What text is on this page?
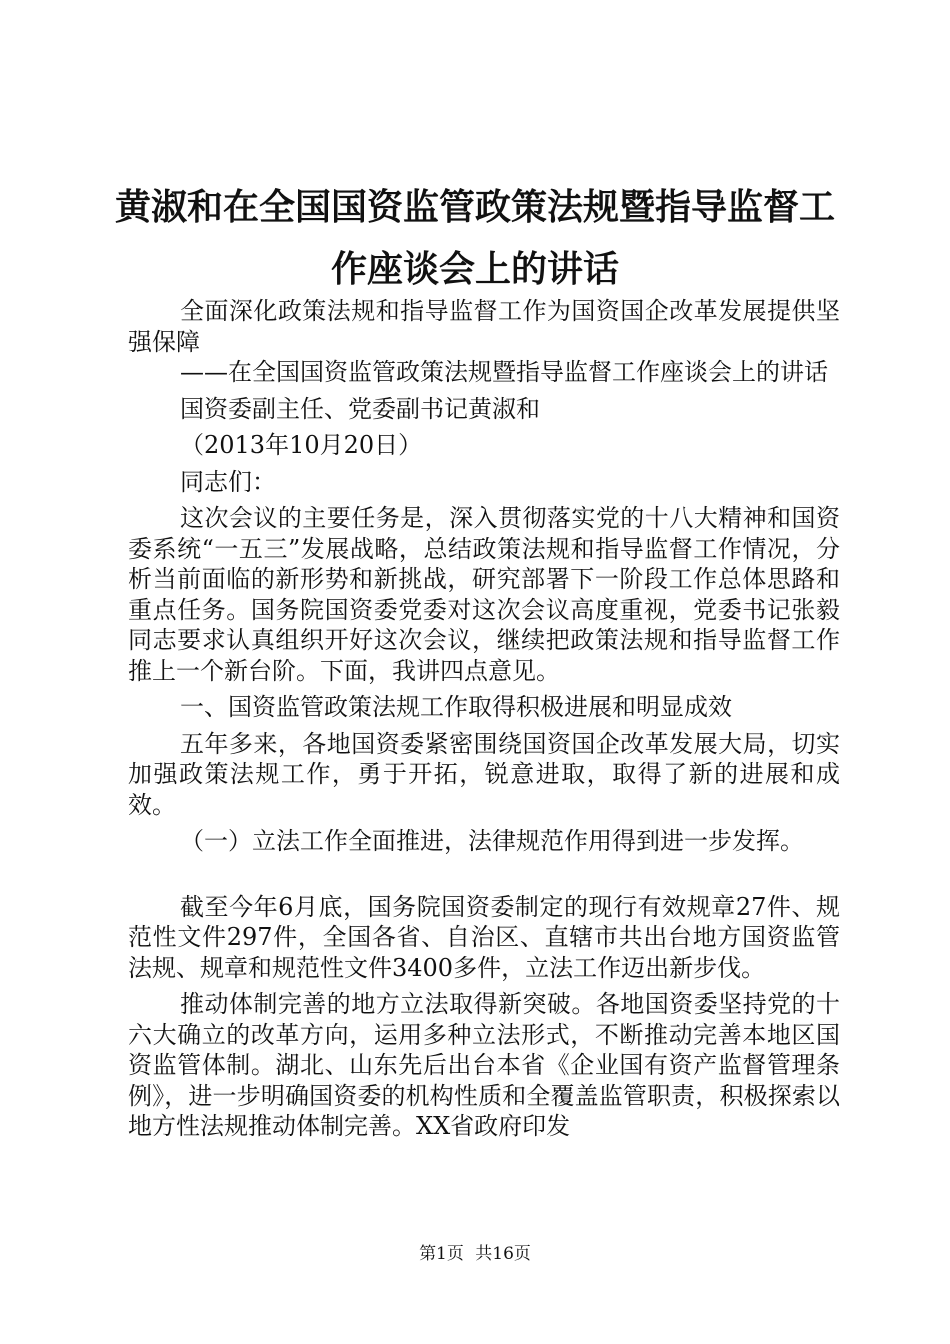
黄淑和在全国国资监管政策法规暨指导监督工
作座谈会上的讲话

全面深化政策法规和指导监督工作为国资国企改革发展提供坚强保障

——在全国国资监管政策法规暨指导监督工作座谈会上的讲话

国资委副主任、党委副书记黄淑和

（2013年10月20日）

同志们：

这次会议的主要任务是，深入贯彻落实党的十八大精神和国资委系统“一五三”发展战略，总结政策法规和指导监督工作情况，分析当前面临的新形势和新挑战，研究部署下一阶段工作总体思路和重点任务。国务院国资委党委对这次会议高度重视，党委书记张毅同志要求认真组织开好这次会议，继续把政策法规和指导监督工作推上一个新台阶。下面，我讲四点意见。

一、国资监管政策法规工作取得积极进展和明显成效

五年多来，各地国资委紧密围绕国资国企改革发展大局，切实加强政策法规工作，勇于开拓，锐意进取，取得了新的进展和成效。

（一）立法工作全面推进，法律规范作用得到进一步发挥。

截至今年6月底，国务院国资委制定的现行有效规章27件、规范性文件297件，全国各省、自治区、直辖市共出台地方国资监管法规、规章和规范性文件3400多件，立法工作迈出新步伐。

推动体制完善的地方立法取得新突破。各地国资委坚持党的十六大确立的改革方向，运用多种立法形式，不断推动完善本地区国资监管体制。湖北、山东先后出台本省《企业国有资产监督管理条例》，进一步明确国资委的机构性质和全覆盖监管职责，积极探索以地方性法规推动体制完善。XX省政府印发

第1页 共16页
